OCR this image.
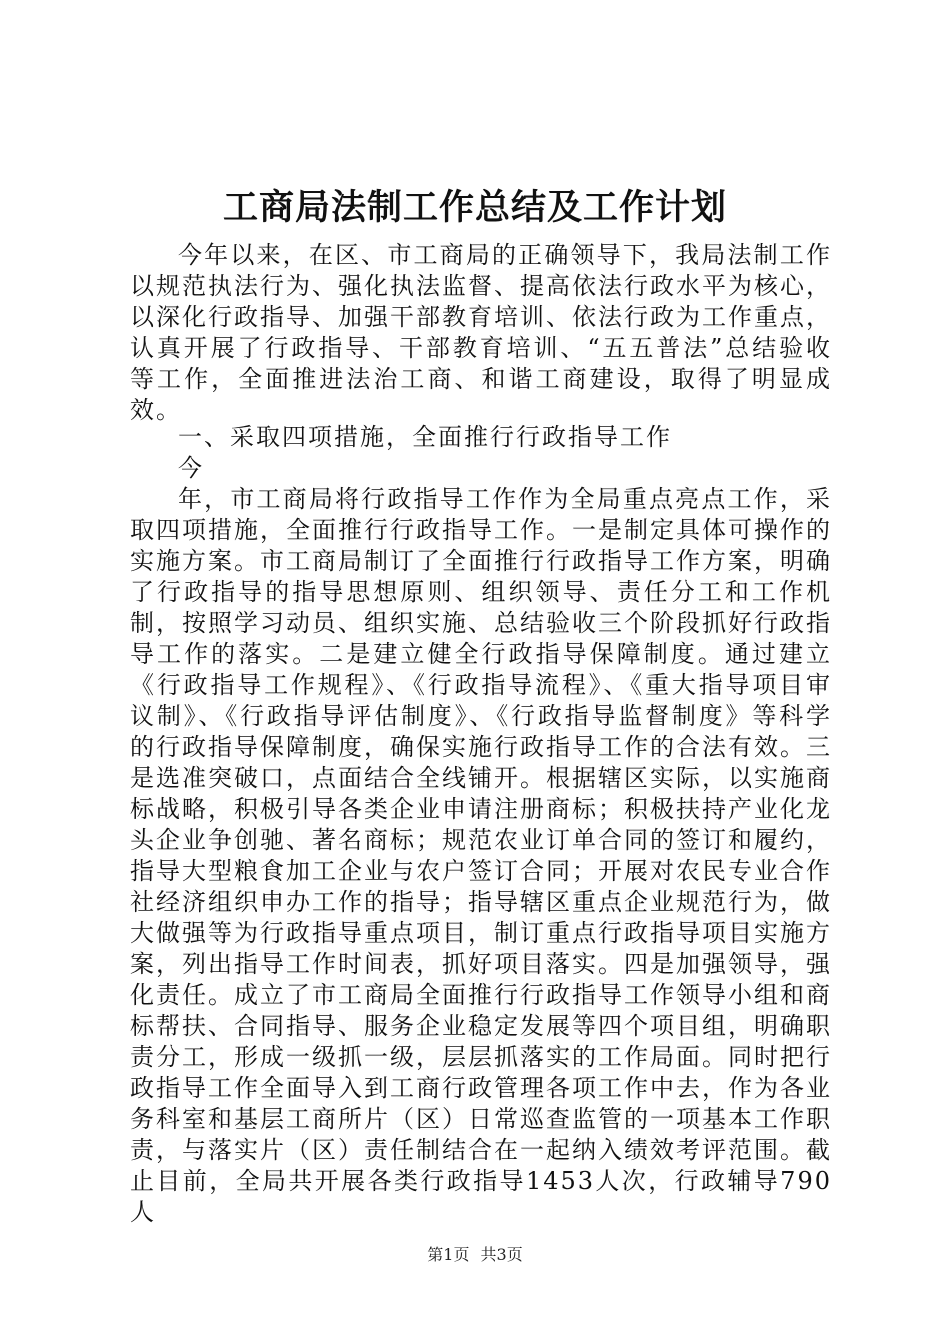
工商局法制工作总结及工作计划
今年以来，在区、市工商局的正确领导下，我局法制工作以规范执法行为、强化执法监督、提高依法行政水平为核心，以深化行政指导、加强干部教育培训、依法行政为工作重点，认真开展了行政指导、干部教育培训、“五五普法”总结验收等工作，全面推进法治工商、和谐工商建设，取得了明显成效。
一、采取四项措施，全面推行行政指导工作
今
年，市工商局将行政指导工作作为全局重点亮点工作，采取四项措施，全面推行行政指导工作。一是制定具体可操作的实施方案。市工商局制订了全面推行行政指导工作方案，明确了行政指导的指导思想原则、组织领导、责任分工和工作机制，按照学习动员、组织实施、总结验收三个阶段抓好行政指导工作的落实。二是建立健全行政指导保障制度。通过建立《行政指导工作规程》、《行政指导流程》、《重大指导项目审议制》、《行政指导评估制度》、《行政指导监督制度》等科学的行政指导保障制度，确保实施行政指导工作的合法有效。三是选准突破口，点面结合全线铺开。根据辖区实际，以实施商标战略，积极引导各类企业申请注册商标；积极扶持产业化龙头企业争创驰、著名商标；规范农业订单合同的签订和履约，指导大型粮食加工企业与农户签订合同；开展对农民专业合作社经济组织申办工作的指导；指导辖区重点企业规范行为，做大做强等为行政指导重点项目，制订重点行政指导项目实施方案，列出指导工作时间表，抓好项目落实。四是加强领导，强化责任。成立了市工商局全面推行行政指导工作领导小组和商标帮扶、合同指导、服务企业稳定发展等四个项目组，明确职责分工，形成一级抓一级，层层抓落实的工作局面。同时把行政指导工作全面导入到工商行政管理各项工作中去，作为各业务科室和基层工商所片（区）日常巡查监管的一项基本工作职责，与落实片（区）责任制结合在一起纳入绩效考评范围。截止目前，全局共开展各类行政指导1453人次，行政辅导790人
第1页 共3页
